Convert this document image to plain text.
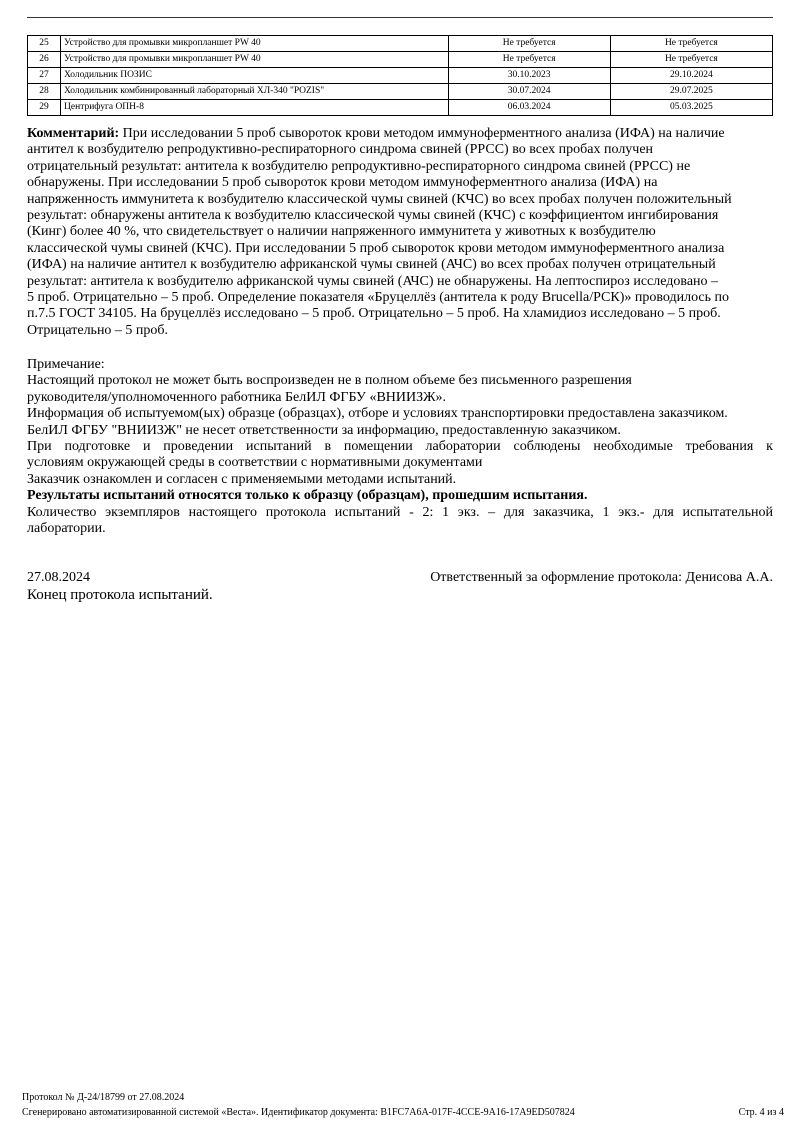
25	Устройство для промывки микропланшет PW 40	Не требуется	Не требуется
26	Устройство для промывки микропланшет PW 40	Не требуется	Не требуется
27	Холодильник ПОЗИС	30.10.2023	29.10.2024
28	Холодильник комбинированный лабораторный ХЛ-340 "POZIS"	30.07.2024	29.07.2025
29	Центрифуга ОПН-8	06.03.2024	05.03.2025
Комментарий: При исследовании 5 проб сывороток крови методом иммуноферментного анализа (ИФА) на наличие
антител к возбудителю репродуктивно-респираторного синдрома свиней (РРСС) во всех пробах получен
отрицательный результат: антитела к возбудителю репродуктивно-респираторного синдрома свиней (РРСС) не
обнаружены. При исследовании 5 проб сывороток крови методом иммуноферментного анализа (ИФА) на
напряженность иммунитета к возбудителю классической чумы свиней (КЧС) во всех пробах получен положительный
результат: обнаружены антитела к возбудителю классической чумы свиней (КЧС) с коэффициентом ингибирования
(Кинг) более 40 %, что свидетельствует о наличии напряженного иммунитета у животных к возбудителю
классической чумы свиней (КЧС). При исследовании 5 проб сывороток крови методом иммуноферментного анализа
(ИФА) на наличие антител к возбудителю африканской чумы свиней (АЧС) во всех пробах получен отрицательный
результат: антитела к возбудителю африканской чумы свиней (АЧС) не обнаружены. На лептоспироз исследовано –
5 проб. Отрицательно – 5 проб. Определение показателя «Бруцеллёз (антитела к роду Brucella/РСК)» проводилось по
п.7.5 ГОСТ 34105. На бруцеллёз исследовано – 5 проб. Отрицательно – 5 проб. На хламидиоз исследовано – 5 проб.
Отрицательно – 5 проб.
Примечание:
Настоящий протокол не может быть воспроизведен не в полном объеме без письменного разрешения
руководителя/уполномоченного работника БелИЛ ФГБУ «ВНИИЗЖ».
Информация об испытуемом(ых) образце (образцах), отборе и условиях транспортировки предоставлена заказчиком.
БелИЛ ФГБУ "ВНИИЗЖ" не несет ответственности за информацию, предоставленную заказчиком.
При подготовке и проведении испытаний в помещении лаборатории соблюдены необходимые требования к
условиям окружающей среды в соответствии с нормативными документами
Заказчик ознакомлен и согласен с применяемыми методами испытаний.
Результаты испытаний относятся только к образцу (образцам), прошедшим испытания.
Количество экземпляров настоящего протокола испытаний - 2: 1 экз. – для заказчика, 1 экз.- для испытательной
лаборатории.
27.08.2024	Ответственный за оформление протокола: Денисова А.А.
Конец протокола испытаний.
Протокол № Д-24/18799 от 27.08.2024
Сгенерировано автоматизированной системой «Веста». Идентификатор документа: B1FC7A6A-017F-4CCE-9A16-17A9ED507824	Стр. 4 из 4
